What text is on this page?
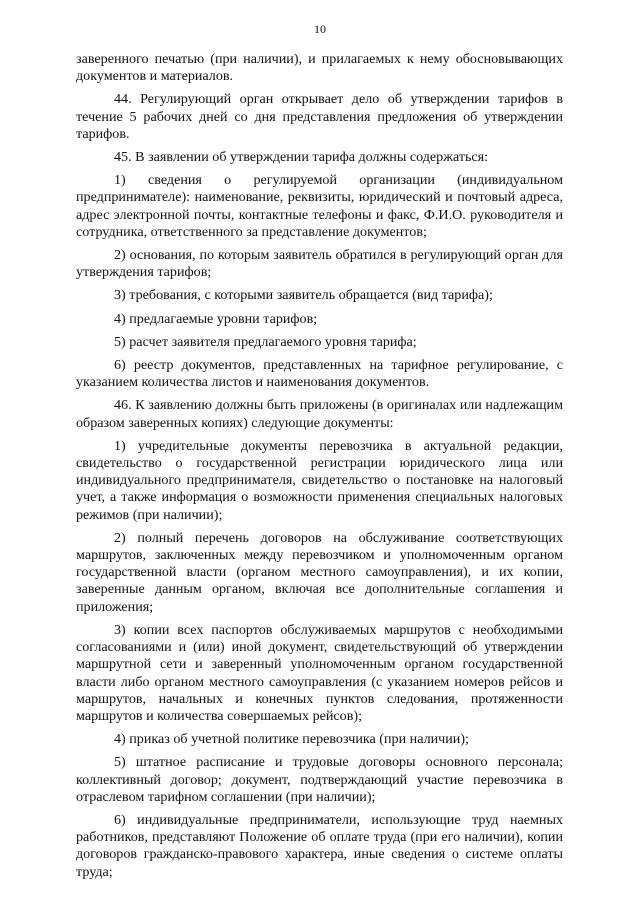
10

заверенного печатью (при наличии), и прилагаемых к нему обосновывающих документов и материалов.

44. Регулирующий орган открывает дело об утверждении тарифов в течение 5 рабочих дней со дня представления предложения об утверждении тарифов.

45. В заявлении об утверждении тарифа должны содержаться:

1) сведения о регулируемой организации (индивидуальном предпринимателе): наименование, реквизиты, юридический и почтовый адреса, адрес электронной почты, контактные телефоны и факс, Ф.И.О. руководителя и сотрудника, ответственного за представление документов;

2) основания, по которым заявитель обратился в регулирующий орган для утверждения тарифов;

3) требования, с которыми заявитель обращается (вид тарифа);

4) предлагаемые уровни тарифов;

5) расчет заявителя предлагаемого уровня тарифа;

6) реестр документов, представленных на тарифное регулирование, с указанием количества листов и наименования документов.

46. К заявлению должны быть приложены (в оригиналах или надлежащим образом заверенных копиях) следующие документы:

1) учредительные документы перевозчика в актуальной редакции, свидетельство о государственной регистрации юридического лица или индивидуального предпринимателя, свидетельство о постановке на налоговый учет, а также информация о возможности применения специальных налоговых режимов (при наличии);

2) полный перечень договоров на обслуживание соответствующих маршрутов, заключенных между перевозчиком и уполномоченным органом государственной власти (органом местного самоуправления), и их копии, заверенные данным органом, включая все дополнительные соглашения и приложения;

3) копии всех паспортов обслуживаемых маршрутов с необходимыми согласованиями и (или) иной документ, свидетельствующий об утверждении маршрутной сети и заверенный уполномоченным органом государственной власти либо органом местного самоуправления (с указанием номеров рейсов и маршрутов, начальных и конечных пунктов следования, протяженности маршрутов и количества совершаемых рейсов);

4) приказ об учетной политике перевозчика (при наличии);

5) штатное расписание и трудовые договоры основного персонала; коллективный договор; документ, подтверждающий участие перевозчика в отраслевом тарифном соглашении (при наличии);

6) индивидуальные предприниматели, использующие труд наемных работников, представляют Положение об оплате труда (при его наличии), копии договоров гражданско-правового характера, иные сведения о системе оплаты труда;
